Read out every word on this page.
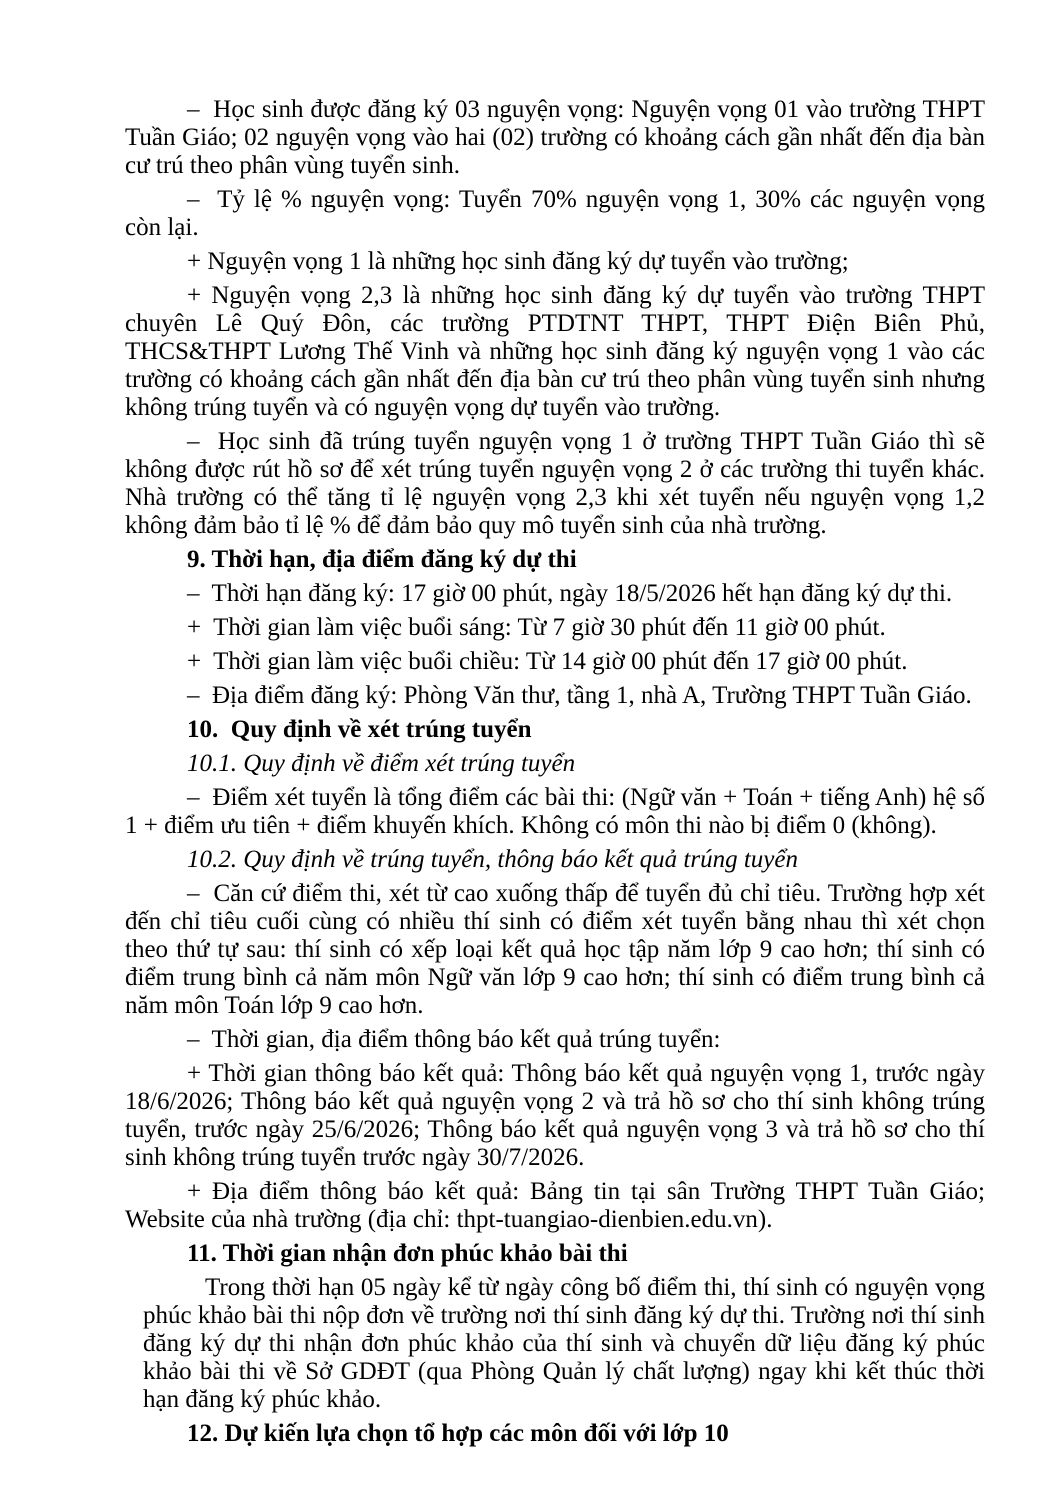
–  Học sinh được đăng ký 03 nguyện vọng: Nguyện vọng 01 vào trường THPT Tuần Giáo; 02 nguyện vọng vào hai (02) trường có khoảng cách gần nhất đến địa bàn cư trú theo phân vùng tuyển sinh.

–  Tỷ lệ % nguyện vọng: Tuyển 70% nguyện vọng 1, 30% các nguyện vọng còn lại.

+ Nguyện vọng 1 là những học sinh đăng ký dự tuyển vào trường;

+ Nguyện vọng 2,3 là những học sinh đăng ký dự tuyển vào trường THPT chuyên Lê Quý Đôn, các trường PTDTNT THPT, THPT Điện Biên Phủ, THCS&THPT Lương Thế Vinh và những học sinh đăng ký nguyện vọng 1 vào các trường có khoảng cách gần nhất đến địa bàn cư trú theo phân vùng tuyển sinh nhưng không trúng tuyển và có nguyện vọng dự tuyển vào trường.

–  Học sinh đã trúng tuyển nguyện vọng 1 ở trường THPT Tuần Giáo thì sẽ không được rút hồ sơ để xét trúng tuyển nguyện vọng 2 ở các trường thi tuyển khác. Nhà trường có thể tăng tỉ lệ nguyện vọng 2,3 khi xét tuyển nếu nguyện vọng 1,2 không đảm bảo tỉ lệ % để đảm bảo quy mô tuyển sinh của nhà trường.

9. Thời hạn, địa điểm đăng ký dự thi

–  Thời hạn đăng ký: 17 giờ 00 phút, ngày 18/5/2026 hết hạn đăng ký dự thi.

+  Thời gian làm việc buổi sáng: Từ 7 giờ 30 phút đến 11 giờ 00 phút.

+  Thời gian làm việc buổi chiều: Từ 14 giờ 00 phút đến 17 giờ 00 phút.

–  Địa điểm đăng ký: Phòng Văn thư, tầng 1, nhà A, Trường THPT Tuần Giáo.

10.  Quy định về xét trúng tuyển

10.1. Quy định về điểm xét trúng tuyển

–  Điểm xét tuyển là tổng điểm các bài thi: (Ngữ văn + Toán + tiếng Anh) hệ số 1 + điểm ưu tiên + điểm khuyến khích. Không có môn thi nào bị điểm 0 (không).

10.2. Quy định về trúng tuyển, thông báo kết quả trúng tuyển

–  Căn cứ điểm thi, xét từ cao xuống thấp để tuyển đủ chỉ tiêu. Trường hợp xét đến chỉ tiêu cuối cùng có nhiều thí sinh có điểm xét tuyển bằng nhau thì xét chọn theo thứ tự sau: thí sinh có xếp loại kết quả học tập năm lớp 9 cao hơn; thí sinh có điểm trung bình cả năm môn Ngữ văn lớp 9 cao hơn; thí sinh có điểm trung bình cả năm môn Toán lớp 9 cao hơn.

–  Thời gian, địa điểm thông báo kết quả trúng tuyển:

+ Thời gian thông báo kết quả: Thông báo kết quả nguyện vọng 1, trước ngày 18/6/2026; Thông báo kết quả nguyện vọng 2 và trả hồ sơ cho thí sinh không trúng tuyển, trước ngày 25/6/2026; Thông báo kết quả nguyện vọng 3 và trả hồ sơ cho thí sinh không trúng tuyển trước ngày 30/7/2026.

+ Địa điểm thông báo kết quả: Bảng tin tại sân Trường THPT Tuần Giáo; Website của nhà trường (địa chỉ: thpt-tuangiao-dienbien.edu.vn).

11. Thời gian nhận đơn phúc khảo bài thi

Trong thời hạn 05 ngày kể từ ngày công bố điểm thi, thí sinh có nguyện vọng phúc khảo bài thi nộp đơn về trường nơi thí sinh đăng ký dự thi. Trường nơi thí sinh đăng ký dự thi nhận đơn phúc khảo của thí sinh và chuyển dữ liệu đăng ký phúc khảo bài thi về Sở GDĐT (qua Phòng Quản lý chất lượng) ngay khi kết thúc thời hạn đăng ký phúc khảo.

12. Dự kiến lựa chọn tổ hợp các môn đối với lớp 10
